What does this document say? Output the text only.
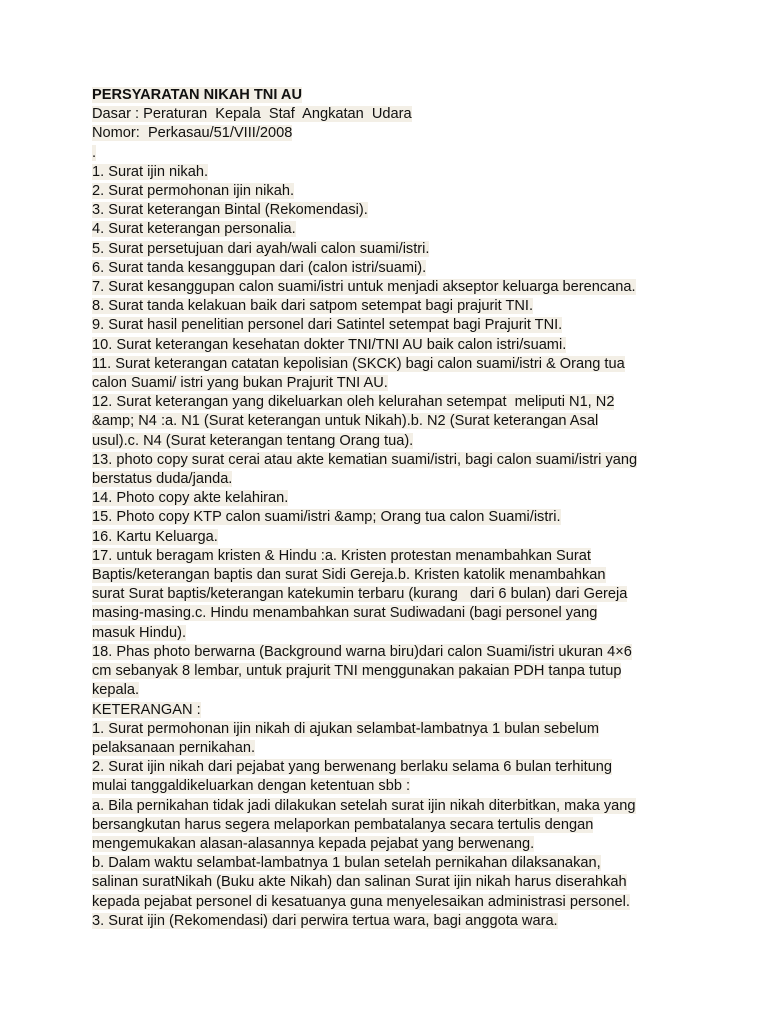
PERSYARATAN NIKAH TNI AU
Dasar : Peraturan  Kepala  Staf  Angkatan  Udara
Nomor:  Perkasau/51/VIII/2008
.
1. Surat ijin nikah.
2. Surat permohonan ijin nikah.
3. Surat keterangan Bintal (Rekomendasi).
4. Surat keterangan personalia.
5. Surat persetujuan dari ayah/wali calon suami/istri.
6. Surat tanda kesanggupan dari (calon istri/suami).
7. Surat kesanggupan calon suami/istri untuk menjadi akseptor keluarga berencana.
8. Surat tanda kelakuan baik dari satpom setempat bagi prajurit TNI.
9. Surat hasil penelitian personel dari Satintel setempat bagi Prajurit TNI.
10. Surat keterangan kesehatan dokter TNI/TNI AU baik calon istri/suami.
11. Surat keterangan catatan kepolisian (SKCK) bagi calon suami/istri & Orang tua
calon Suami/ istri yang bukan Prajurit TNI AU.
12. Surat keterangan yang dikeluarkan oleh kelurahan setempat  meliputi N1, N2
&amp; N4 :a. N1 (Surat keterangan untuk Nikah).b. N2 (Surat keterangan Asal
usul).c. N4 (Surat keterangan tentang Orang tua).
13. photo copy surat cerai atau akte kematian suami/istri, bagi calon suami/istri yang
berstatus duda/janda.
14. Photo copy akte kelahiran.
15. Photo copy KTP calon suami/istri &amp; Orang tua calon Suami/istri.
16. Kartu Keluarga.
17. untuk beragam kristen & Hindu :a. Kristen protestan menambahkan Surat
Baptis/keterangan baptis dan surat Sidi Gereja.b. Kristen katolik menambahkan
surat Surat baptis/keterangan katekumin terbaru (kurang   dari 6 bulan) dari Gereja
masing-masing.c. Hindu menambahkan surat Sudiwadani (bagi personel yang
masuk Hindu).
18. Phas photo berwarna (Background warna biru)dari calon Suami/istri ukuran 4×6
cm sebanyak 8 lembar, untuk prajurit TNI menggunakan pakaian PDH tanpa tutup
kepala.
KETERANGAN :
1. Surat permohonan ijin nikah di ajukan selambat-lambatnya 1 bulan sebelum
pelaksanaan pernikahan.
2. Surat ijin nikah dari pejabat yang berwenang berlaku selama 6 bulan terhitung
mulai tanggaldikeluarkan dengan ketentuan sbb :
a. Bila pernikahan tidak jadi dilakukan setelah surat ijin nikah diterbitkan, maka yang
bersangkutan harus segera melaporkan pembatalanya secara tertulis dengan
mengemukakan alasan-alasannya kepada pejabat yang berwenang.
b. Dalam waktu selambat-lambatnya 1 bulan setelah pernikahan dilaksanakan,
salinan suratNikah (Buku akte Nikah) dan salinan Surat ijin nikah harus diserahkah
kepada pejabat personel di kesatuanya guna menyelesaikan administrasi personel.
3. Surat ijin (Rekomendasi) dari perwira tertua wara, bagi anggota wara.
